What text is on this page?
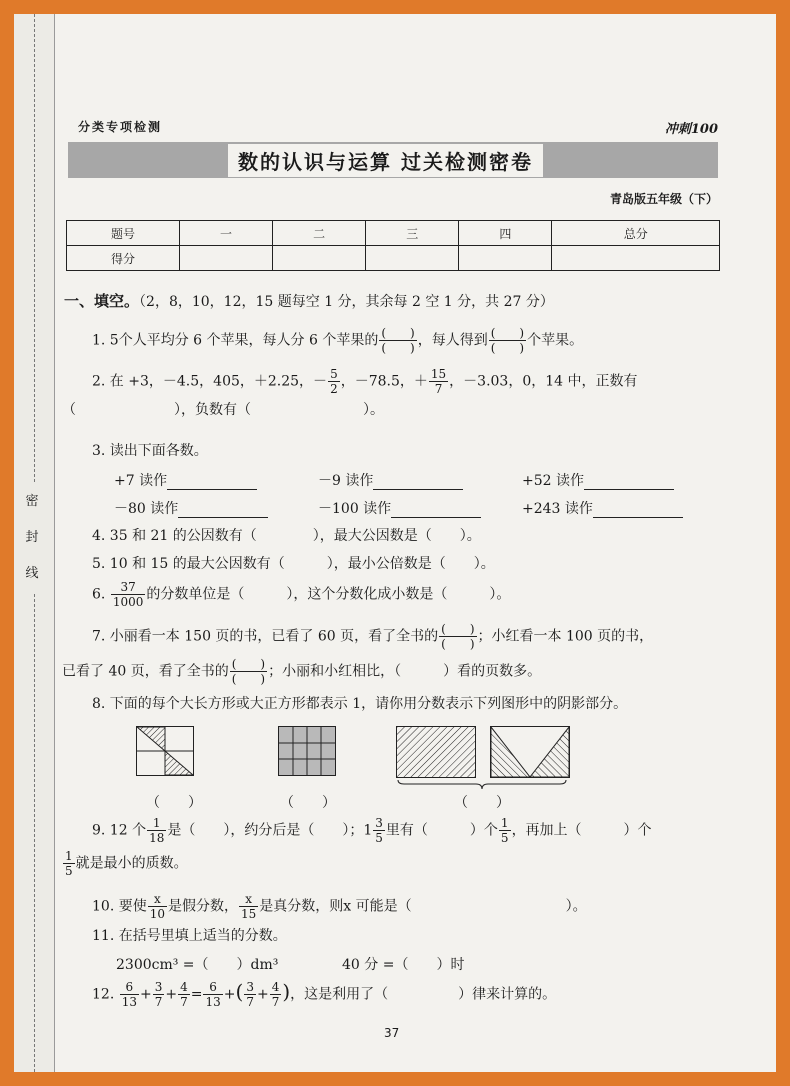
密 封 线
分类专项检测	冲刺100
数的认识与运算 过关检测密卷
青岛版五年级（下）
题号	一	二	三	四	总分
得分					
一、填空。（2，8，10，12，15 题每空 1 分，其余每 2 空 1 分，共 27 分）
1. 5个人平均分 6 个苹果，每人分 6 个苹果的 $\frac{( )}{( )}$ ，每人得到 $\frac{( )}{( )}$ 个苹果。
2. 在 +3，－4.5，405，＋2.25，－ $\frac{5}{2}$ ，－78.5，＋ $\frac{15}{7}$ ，－3.03，0，14 中，正数有
（　　　　　　　），负数有（　　　　　　　　）。
3. 读出下面各数。
+7 读作	－9 读作	+52 读作
－80 读作	－100 读作	+243 读作
4. 35 和 21 的公因数有（　　　　），最大公因数是（　　）。
5. 10 和 15 的最大公因数有（　　　），最小公倍数是（　　）。
6. $\frac{37}{1000}$ 的分数单位是（　　　），这个分数化成小数是（　　　）。
7. 小丽看一本 150 页的书，已看了 60 页，看了全书的 $\frac{( )}{( )}$ ；小红看一本 100 页的书，
已看了 40 页，看了全书的 $\frac{( )}{( )}$ ；小丽和小红相比，（　　　）看的页数多。
8. 下面的每个大长方形或大正方形都表示 1，请你用分数表示下列图形中的阴影部分。
（　　）	（　　）	（　　）
9. 12 个 $\frac{1}{18}$ 是（　　），约分后是（　　）；$1 \frac{3}{5}$ 里有（　　　）个 $\frac{1}{5}$ ，再加上（　　　）个
$\frac{1}{5}$ 就是最小的质数。
10. 要使 $\frac{x}{10}$ 是假分数， $\frac{x}{15}$ 是真分数，则x 可能是（　　　　　　　　　　　）。
11. 在括号里填上适当的分数。
2300cm³ =（　　）dm³	40 分 =（　　）时
12. $\frac{6}{13} + \frac{3}{7} + \frac{4}{7} = \frac{6}{13}$ +( $\frac{3}{7} + \frac{4}{7}$ )，这是利用了（　　　　　）律来计算的。
37
